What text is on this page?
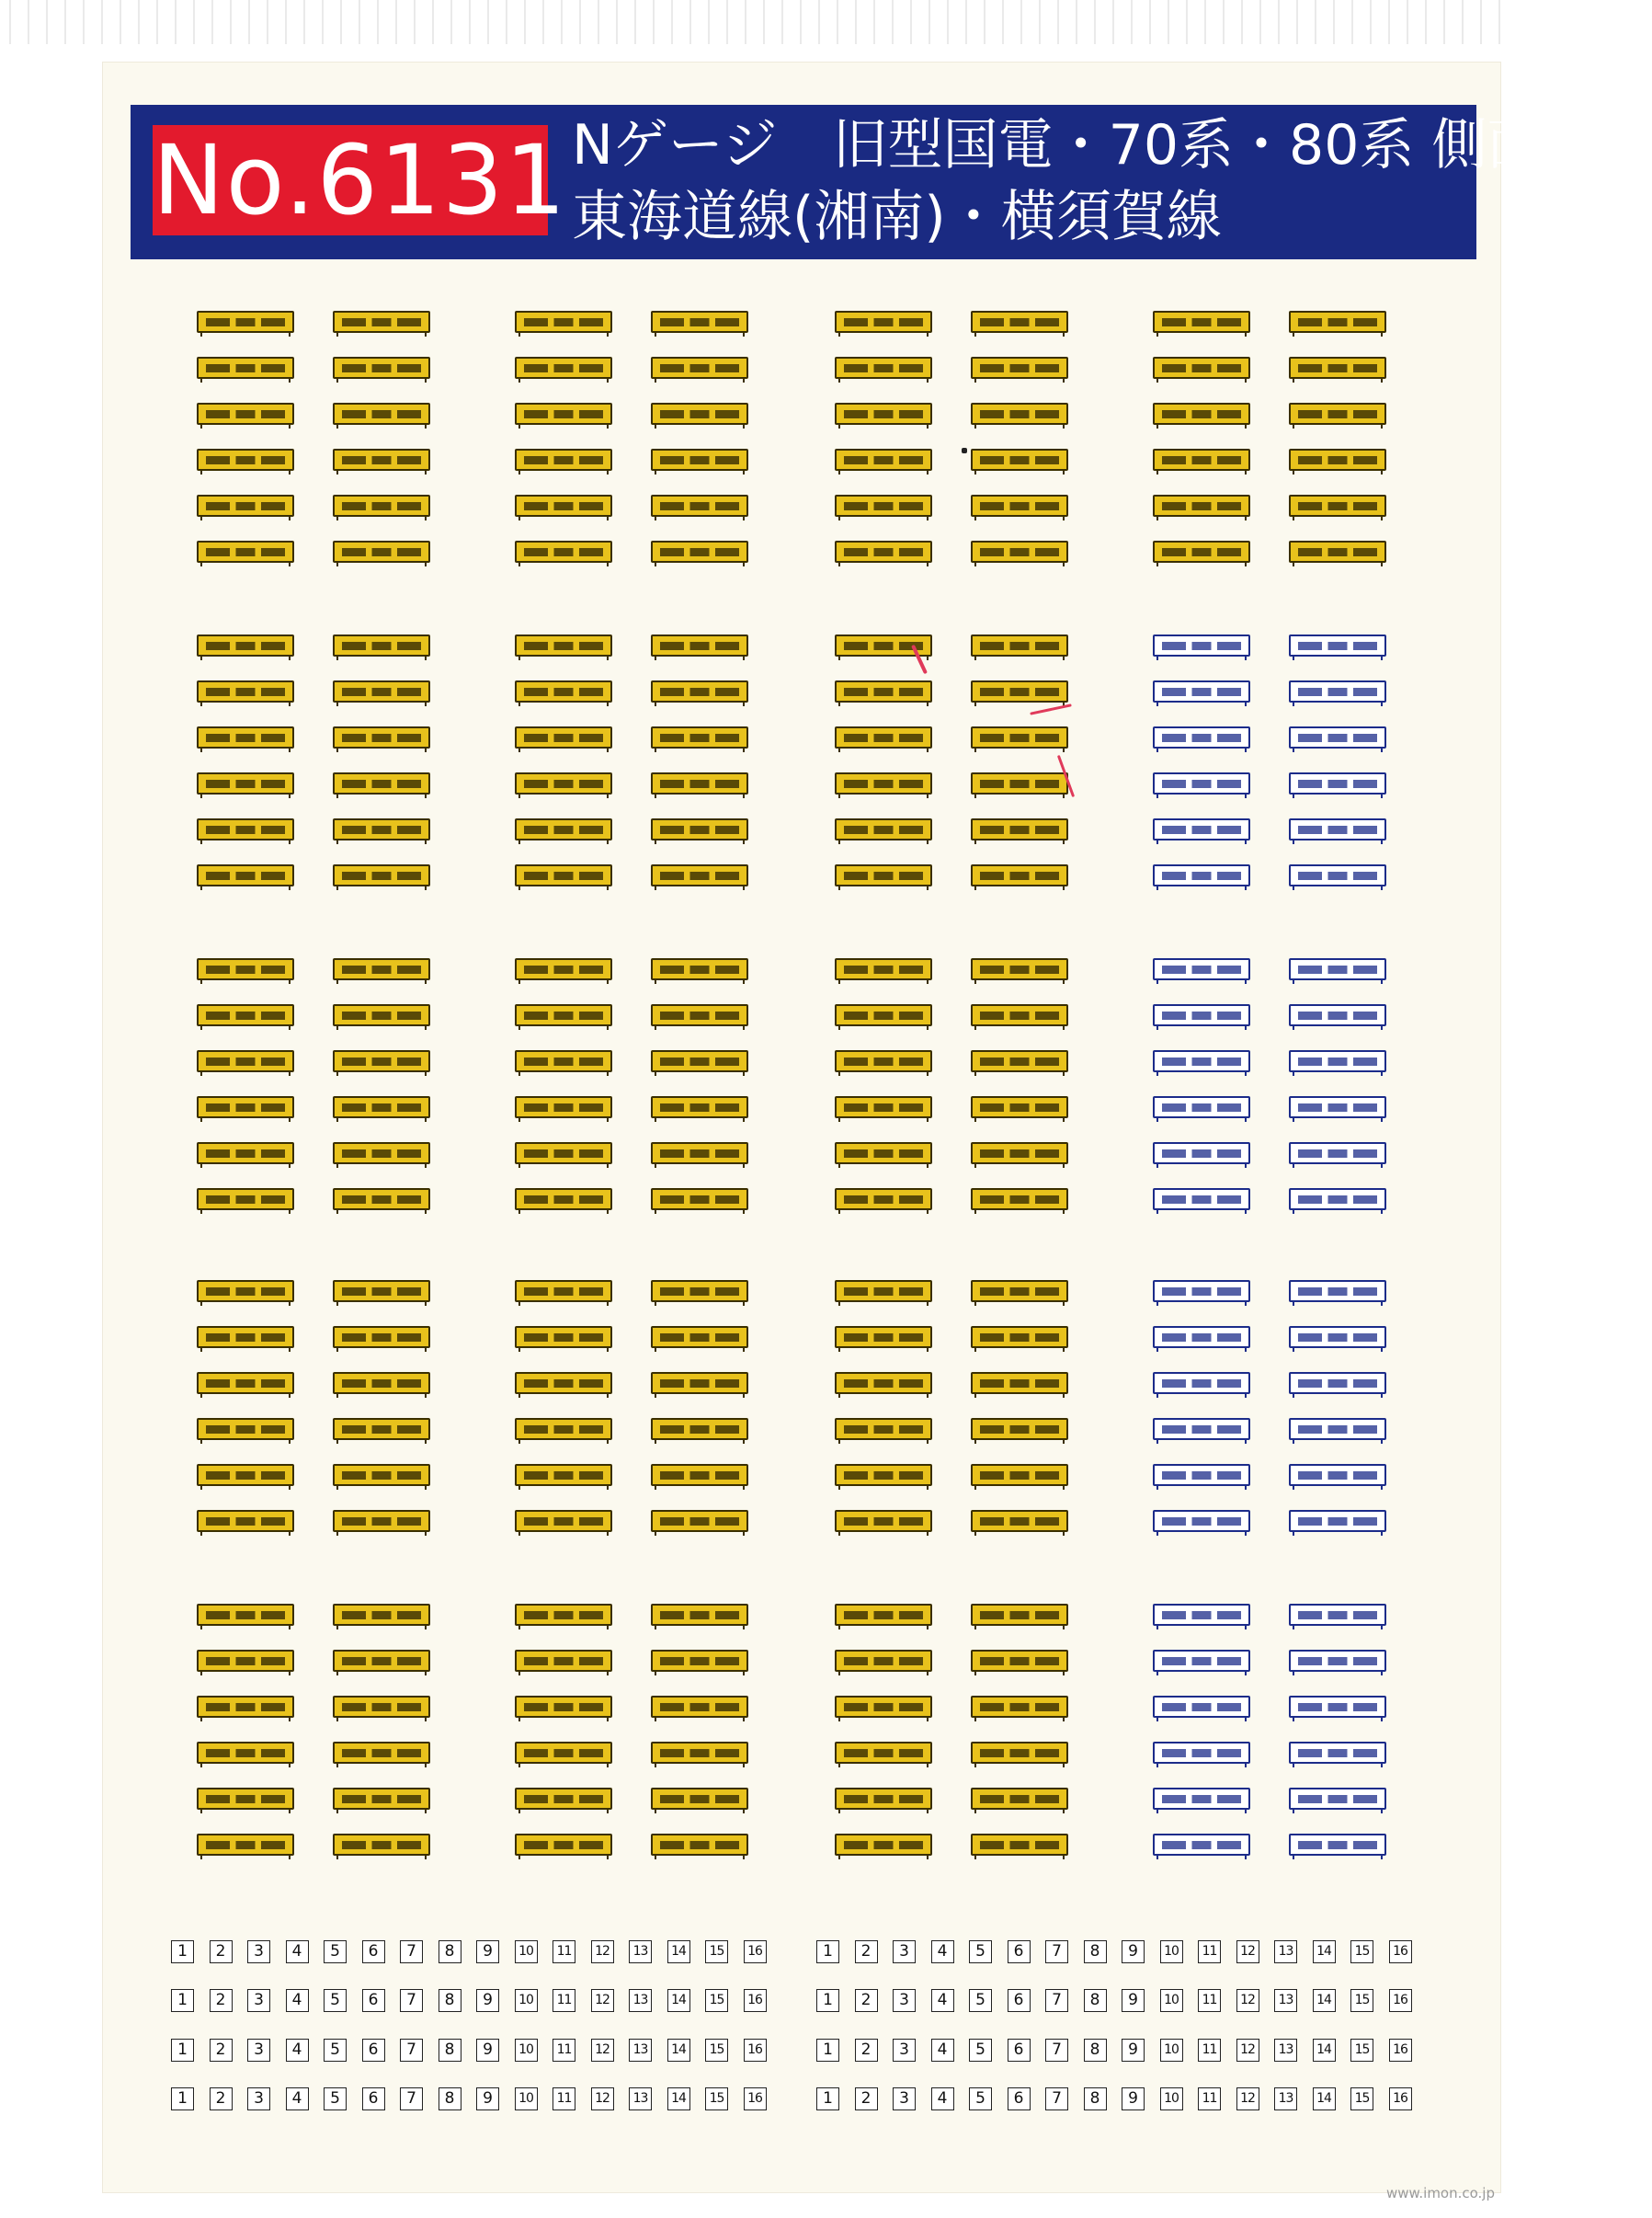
No.6131 Nゲージ　旧型国電・70系・80系 側面サボ
東海道線(湘南)・横須賀線
1	2	3	4	5	6	7	8	9	10	11	12	13	14	15	16	1	2	3	4	5	6	7	8	9	10	11	12	13	14	15	16
1	2	3	4	5	6	7	8	9	10	11	12	13	14	15	16	1	2	3	4	5	6	7	8	9	10	11	12	13	14	15	16
1	2	3	4	5	6	7	8	9	10	11	12	13	14	15	16	1	2	3	4	5	6	7	8	9	10	11	12	13	14	15	16
1	2	3	4	5	6	7	8	9	10	11	12	13	14	15	16	1	2	3	4	5	6	7	8	9	10	11	12	13	14	15	16
www.imon.co.jp
